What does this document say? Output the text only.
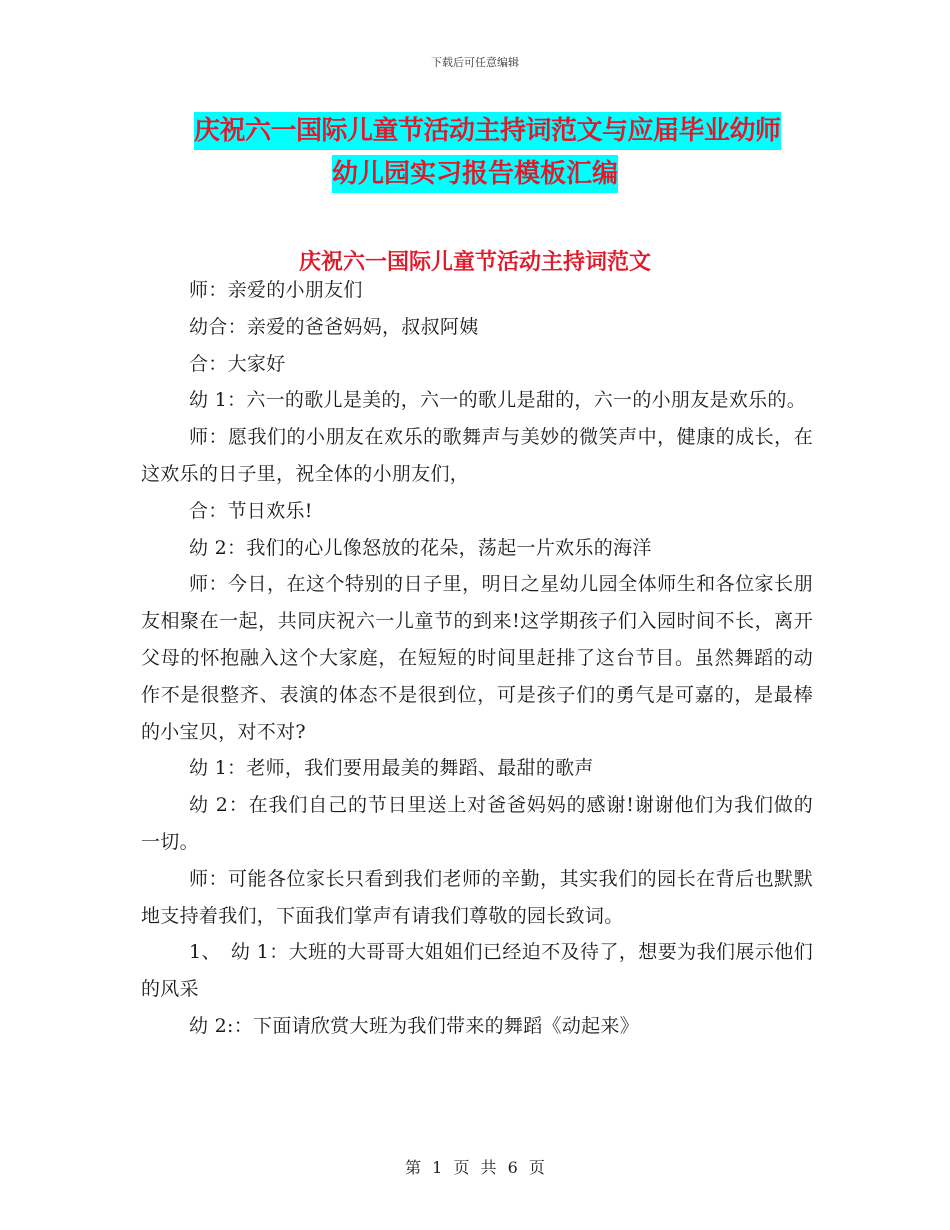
下载后可任意编辑
庆祝六一国际儿童节活动主持词范文与应届毕业幼师
幼儿园实习报告模板汇编
庆祝六一国际儿童节活动主持词范文

师：亲爱的小朋友们

幼合：亲爱的爸爸妈妈，叔叔阿姨

合：大家好

幼 1：六一的歌儿是美的，六一的歌儿是甜的，六一的小朋友是欢乐的。

师：愿我们的小朋友在欢乐的歌舞声与美妙的微笑声中，健康的成长，在这欢乐的日子里，祝全体的小朋友们，

合：节日欢乐!

幼 2：我们的心儿像怒放的花朵，荡起一片欢乐的海洋

师：今日，在这个特别的日子里，明日之星幼儿园全体师生和各位家长朋友相聚在一起，共同庆祝六一儿童节的到来!这学期孩子们入园时间不长，离开父母的怀抱融入这个大家庭，在短短的时间里赶排了这台节目。虽然舞蹈的动作不是很整齐、表演的体态不是很到位，可是孩子们的勇气是可嘉的，是最棒的小宝贝，对不对?

幼 1：老师，我们要用最美的舞蹈、最甜的歌声

幼 2：在我们自己的节日里送上对爸爸妈妈的感谢!谢谢他们为我们做的一切。

师：可能各位家长只看到我们老师的辛勤，其实我们的园长在背后也默默地支持着我们，下面我们掌声有请我们尊敬的园长致词。

1、　幼 1：大班的大哥哥大姐姐们已经迫不及待了，想要为我们展示他们的风采

幼 2:：下面请欣赏大班为我们带来的舞蹈《动起来》

第 1 页 共 6 页
